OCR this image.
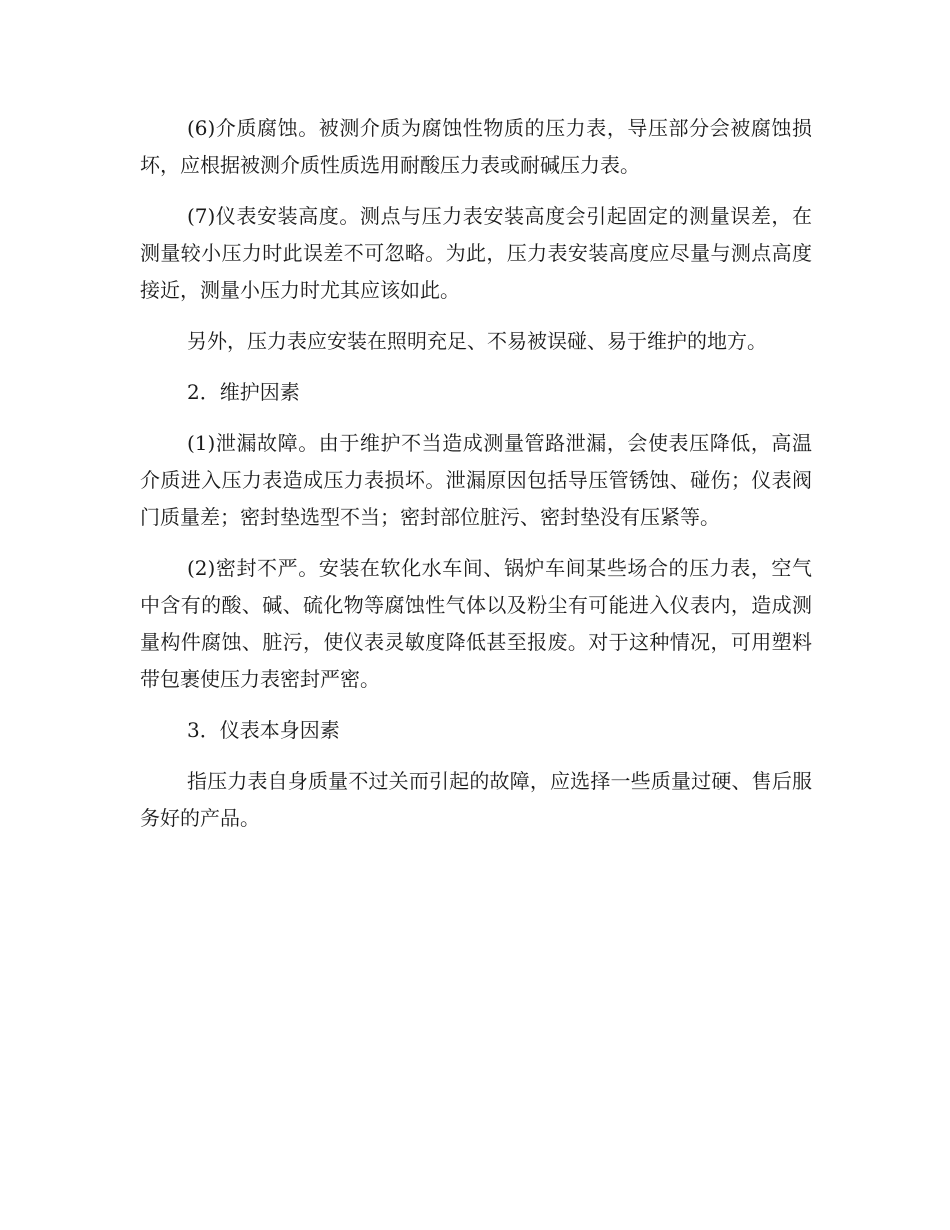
(6)介质腐蚀。被测介质为腐蚀性物质的压力表，导压部分会被腐蚀损坏，应根据被测介质性质选用耐酸压力表或耐碱压力表。

(7)仪表安装高度。测点与压力表安装高度会引起固定的测量误差，在测量较小压力时此误差不可忽略。为此，压力表安装高度应尽量与测点高度接近，测量小压力时尤其应该如此。

另外，压力表应安装在照明充足、不易被误碰、易于维护的地方。

2．维护因素

(1)泄漏故障。由于维护不当造成测量管路泄漏，会使表压降低，高温介质进入压力表造成压力表损坏。泄漏原因包括导压管锈蚀、碰伤；仪表阀门质量差；密封垫选型不当；密封部位脏污、密封垫没有压紧等。

(2)密封不严。安装在软化水车间、锅炉车间某些场合的压力表，空气中含有的酸、碱、硫化物等腐蚀性气体以及粉尘有可能进入仪表内，造成测量构件腐蚀、脏污，使仪表灵敏度降低甚至报废。对于这种情况，可用塑料带包裹使压力表密封严密。

3．仪表本身因素

指压力表自身质量不过关而引起的故障，应选择一些质量过硬、售后服务好的产品。
